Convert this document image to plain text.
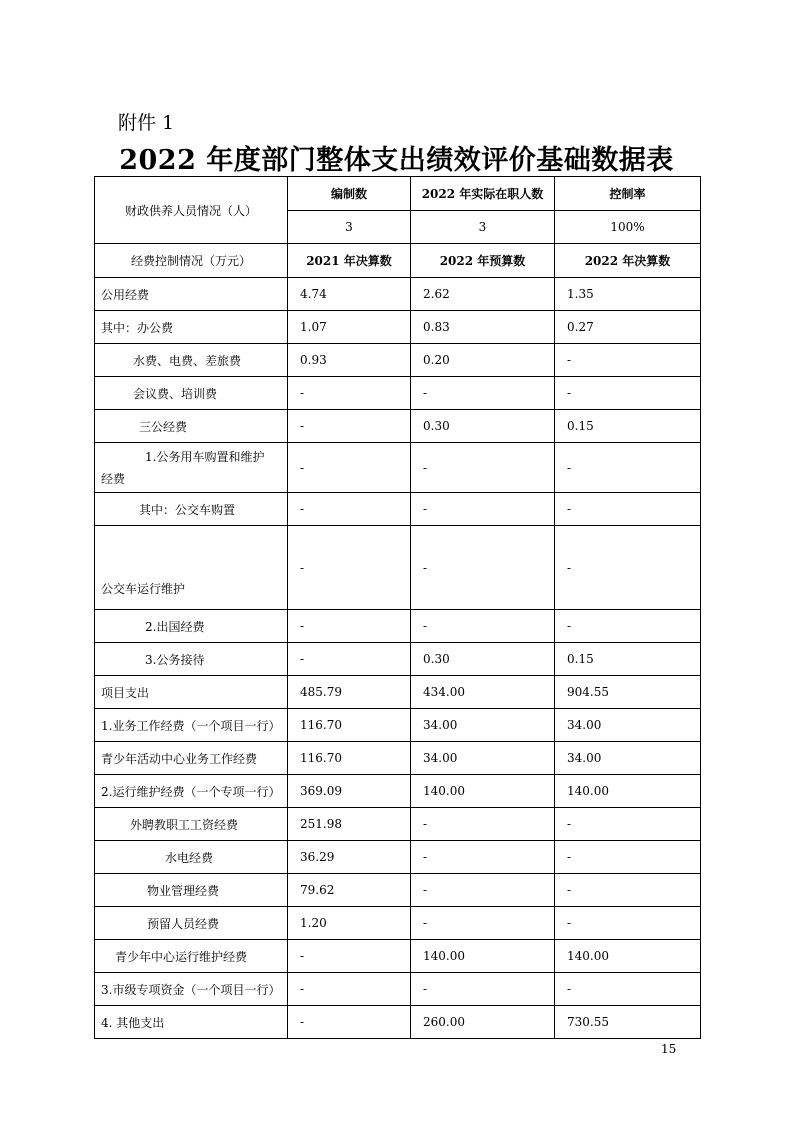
附件 1
2022 年度部门整体支出绩效评价基础数据表
财政供养人员情况（人）	编制数	2022 年实际在职人数	控制率
	3	3	100%
经费控制情况（万元）	2021 年决算数	2022 年预算数	2022 年决算数
公用经费	4.74	2.62	1.35
其中：办公费	1.07	0.83	0.27
水费、电费、差旅费	0.93	0.20	-
会议费、培训费	-	-	-
三公经费	-	0.30	0.15

1.公务用车购置和维护
经费	-	-	-
其中：公交车购置	-	-	-
公交车运行维护	-	-	-
2.出国经费	-	-	-
3.公务接待	-	0.30	0.15
项目支出	485.79	434.00	904.55
1.业务工作经费（一个项目一行）	116.70	34.00	34.00
青少年活动中心业务工作经费	116.70	34.00	34.00
2.运行维护经费（一个专项一行）	369.09	140.00	140.00
外聘教职工工资经费	251.98	-	-
水电经费	36.29	-	-
物业管理经费	79.62	-	-
预留人员经费	1.20	-	-
青少年中心运行维护经费	-	140.00	140.00
3.市级专项资金（一个项目一行）	-	-	-
4. 其他支出	-	260.00	730.55
15
